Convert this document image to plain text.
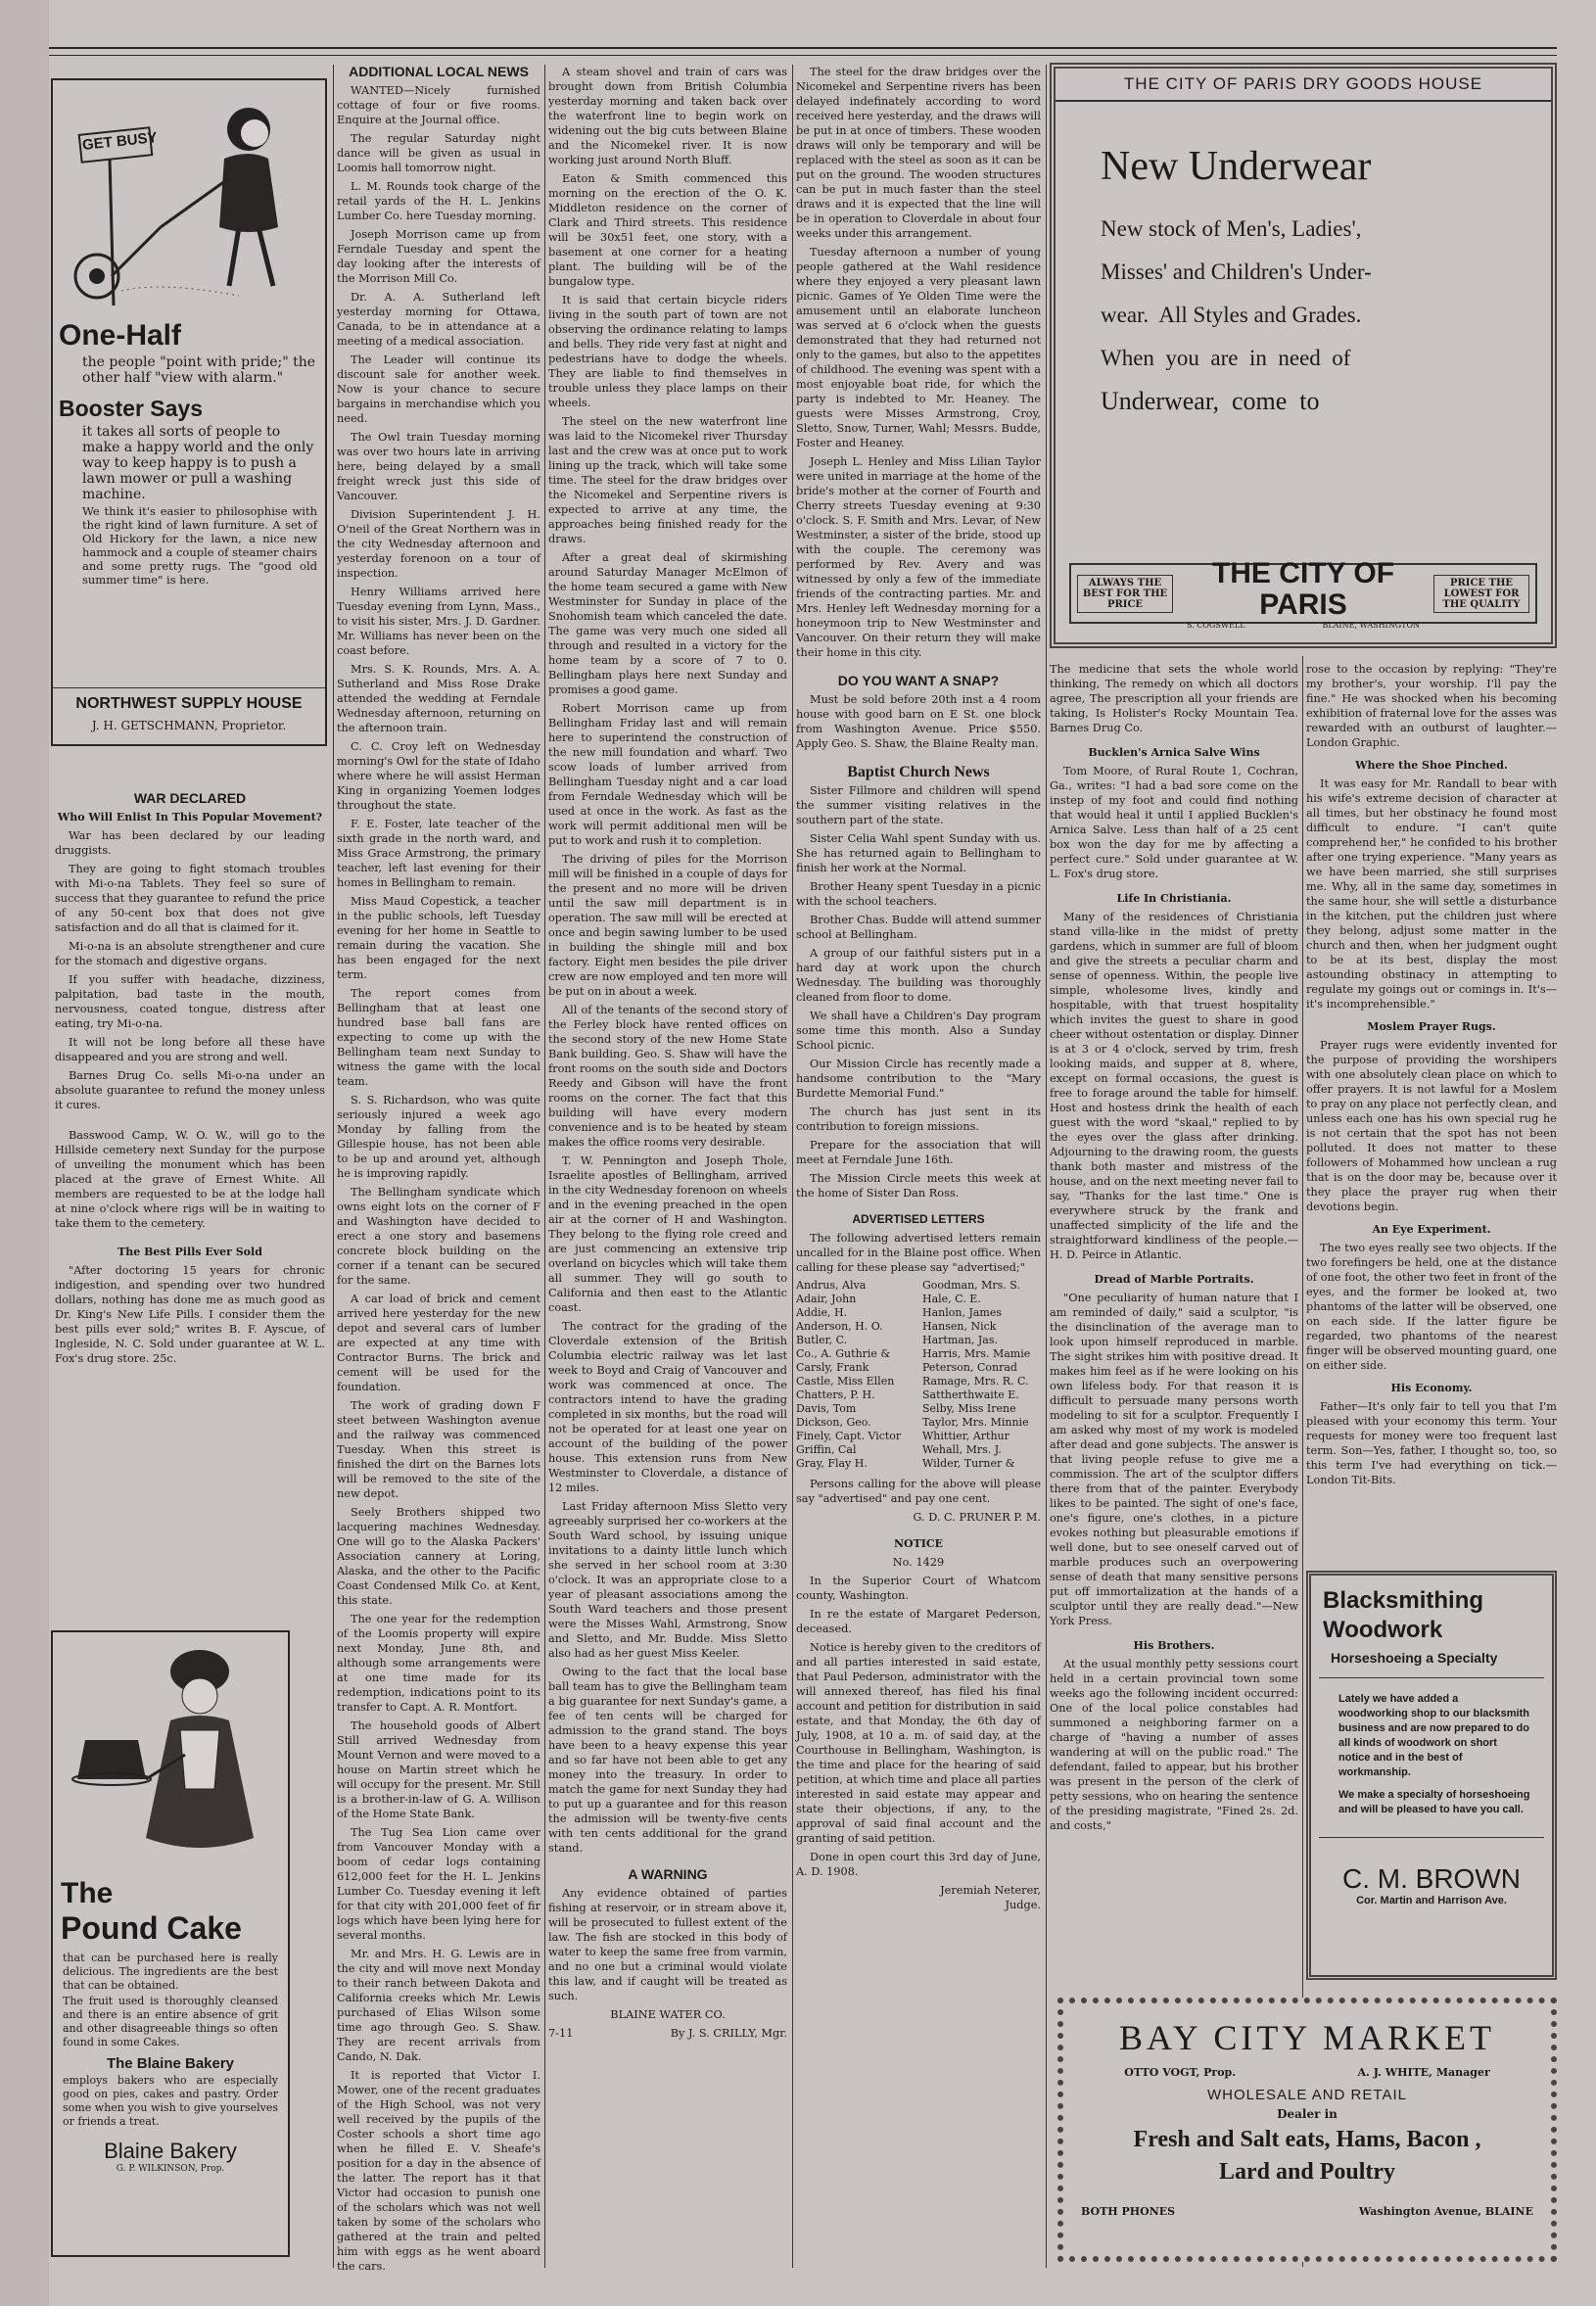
GET BUSY
One-Half
the people "point with pride;" the other half "view with alarm."
Booster Says
it takes all sorts of people to make a happy world and the only way to keep happy is to push a lawn mower or pull a washing machine.
We think it's easier to philosophise with the right kind of lawn furniture. A set of Old Hickory for the lawn, a nice new hammock and a couple of steamer chairs and some pretty rugs. The "good old summer time" is here.
NORTHWEST SUPPLY HOUSE
J. H. GETSCHMANN, Proprietor.

WAR DECLARED

Who Will Enlist In This Popular Movement?

War has been declared by our leading druggists.

They are going to fight stomach troubles with Mi-o-na Tablets. They feel so sure of success that they guarantee to refund the price of any 50-cent box that does not give satisfaction and do all that is claimed for it.

Mi-o-na is an absolute strengthener and cure for the stomach and digestive organs.

If you suffer with headache, dizziness, palpitation, bad taste in the mouth, nervousness, coated tongue, distress after eating, try Mi-o-na.

It will not be long before all these have disappeared and you are strong and well.

Barnes Drug Co. sells Mi-o-na under an absolute guarantee to refund the money unless it cures.

Basswood Camp, W. O. W., will go to the Hillside cemetery next Sunday for the purpose of unveiling the monument which has been placed at the grave of Ernest White. All members are requested to be at the lodge hall at nine o'clock where rigs will be in waiting to take them to the cemetery.

The Best Pills Ever Sold

"After doctoring 15 years for chronic indigestion, and spending over two hundred dollars, nothing has done me as much good as Dr. King's New Life Pills. I consider them the best pills ever sold;" writes B. F. Ayscue, of Ingleside, N. C. Sold under guarantee at W. L. Fox's drug store. 25c.

The
Pound Cake
that can be purchased here is really delicious. The ingredients are the best that can be obtained.
The fruit used is thoroughly cleansed and there is an entire absence of grit and other disagreeable things so often found in some Cakes.
The Blaine Bakery
employs bakers who are especially good on pies, cakes and pastry. Order some when you wish to give yourselves or friends a treat.
Blaine Bakery
G. P. WILKINSON, Prop.

ADDITIONAL LOCAL NEWS

WANTED—Nicely furnished cottage of four or five rooms. Enquire at the Journal office.

The regular Saturday night dance will be given as usual in Loomis hall tomorrow night.

L. M. Rounds took charge of the retail yards of the H. L. Jenkins Lumber Co. here Tuesday morning.

Joseph Morrison came up from Ferndale Tuesday and spent the day looking after the interests of the Morrison Mill Co.

Dr. A. A. Sutherland left yesterday morning for Ottawa, Canada, to be in attendance at a meeting of a medical association.

The Leader will continue its discount sale for another week. Now is your chance to secure bargains in merchandise which you need.

The Owl train Tuesday morning was over two hours late in arriving here, being delayed by a small freight wreck just this side of Vancouver.

Division Superintendent J. H. O'neil of the Great Northern was in the city Wednesday afternoon and yesterday forenoon on a tour of inspection.

Henry Williams arrived here Tuesday evening from Lynn, Mass., to visit his sister, Mrs. J. D. Gardner. Mr. Williams has never been on the coast before.

Mrs. S. K. Rounds, Mrs. A. A. Sutherland and Miss Rose Drake attended the wedding at Ferndale Wednesday afternoon, returning on the afternoon train.

C. C. Croy left on Wednesday morning's Owl for the state of Idaho where where he will assist Herman King in organizing Yoemen lodges throughout the state.

F. E. Foster, late teacher of the sixth grade in the north ward, and Miss Grace Armstrong, the primary teacher, left last evening for their homes in Bellingham to remain.

Miss Maud Copestick, a teacher in the public schools, left Tuesday evening for her home in Seattle to remain during the vacation. She has been engaged for the next term.

The report comes from Bellingham that at least one hundred base ball fans are expecting to come up with the Bellingham team next Sunday to witness the game with the local team.

S. S. Richardson, who was quite seriously injured a week ago Monday by falling from the Gillespie house, has not been able to be up and around yet, although he is improving rapidly.

The Bellingham syndicate which owns eight lots on the corner of F and Washington have decided to erect a one story and basemens concrete block building on the corner if a tenant can be secured for the same.

A car load of brick and cement arrived here yesterday for the new depot and several cars of lumber are expected at any time with Contractor Burns. The brick and cement will be used for the foundation.

The work of grading down F steet between Washington avenue and the railway was commenced Tuesday. When this street is finished the dirt on the Barnes lots will be removed to the site of the new depot.

Seely Brothers shipped two lacquering machines Wednesday. One will go to the Alaska Packers' Association cannery at Loring, Alaska, and the other to the Pacific Coast Condensed Milk Co. at Kent, this state.

The one year for the redemption of the Loomis property will expire next Monday, June 8th, and although some arrangements were at one time made for its redemption, indications point to its transfer to Capt. A. R. Montfort.

The household goods of Albert Still arrived Wednesday from Mount Vernon and were moved to a house on Martin street which he will occupy for the present. Mr. Still is a brother-in-law of G. A. Willison of the Home State Bank.

The Tug Sea Lion came over from Vancouver Monday with a boom of cedar logs containing 612,000 feet for the H. L. Jenkins Lumber Co. Tuesday evening it left for that city with 201,000 feet of fir logs which have been lying here for several months.

Mr. and Mrs. H. G. Lewis are in the city and will move next Monday to their ranch between Dakota and California creeks which Mr. Lewis purchased of Elias Wilson some time ago through Geo. S. Shaw. They are recent arrivals from Cando, N. Dak.

It is reported that Victor I. Mower, one of the recent graduates of the High School, was not very well received by the pupils of the Coster schools a short time ago when he filled E. V. Sheafe's position for a day in the absence of the latter. The report has it that Victor had occasion to punish one of the scholars which was not well taken by some of the scholars who gathered at the train and pelted him with eggs as he went aboard the cars.

A steam shovel and train of cars was brought down from British Columbia yesterday morning and taken back over the waterfront line to begin work on widening out the big cuts between Blaine and the Nicomekel river. It is now working just around North Bluff.

Eaton & Smith commenced this morning on the erection of the O. K. Middleton residence on the corner of Clark and Third streets. This residence will be 30x51 feet, one story, with a basement at one corner for a heating plant. The building will be of the bungalow type.

It is said that certain bicycle riders living in the south part of town are not observing the ordinance relating to lamps and bells. They ride very fast at night and pedestrians have to dodge the wheels. They are liable to find themselves in trouble unless they place lamps on their wheels.

The steel on the new waterfront line was laid to the Nicomekel river Thursday last and the crew was at once put to work lining up the track, which will take some time. The steel for the draw bridges over the Nicomekel and Serpentine rivers is expected to arrive at any time, the approaches being finished ready for the draws.

After a great deal of skirmishing around Saturday Manager McElmon of the home team secured a game with New Westminster for Sunday in place of the Snohomish team which canceled the date. The game was very much one sided all through and resulted in a victory for the home team by a score of 7 to 0. Bellingham plays here next Sunday and promises a good game.

Robert Morrison came up from Bellingham Friday last and will remain here to superintend the construction of the new mill foundation and wharf. Two scow loads of lumber arrived from Bellingham Tuesday night and a car load from Ferndale Wednesday which will be used at once in the work. As fast as the work will permit additional men will be put to work and rush it to completion.

The driving of piles for the Morrison mill will be finished in a couple of days for the present and no more will be driven until the saw mill department is in operation. The saw mill will be erected at once and begin sawing lumber to be used in building the shingle mill and box factory. Eight men besides the pile driver crew are now employed and ten more will be put on in about a week.

All of the tenants of the second story of the Ferley block have rented offices on the second story of the new Home State Bank building. Geo. S. Shaw will have the front rooms on the south side and Doctors Reedy and Gibson will have the front rooms on the corner. The fact that this building will have every modern convenience and is to be heated by steam makes the office rooms very desirable.

T. W. Pennington and Joseph Thole, Israelite apostles of Bellingham, arrived in the city Wednesday forenoon on wheels and in the evening preached in the open air at the corner of H and Washington. They belong to the flying role creed and are just commencing an extensive trip overland on bicycles which will take them all summer. They will go south to California and then east to the Atlantic coast.

The contract for the grading of the Cloverdale extension of the British Columbia electric railway was let last week to Boyd and Craig of Vancouver and work was commenced at once. The contractors intend to have the grading completed in six months, but the road will not be operated for at least one year on account of the building of the power house. This extension runs from New Westminster to Cloverdale, a distance of 12 miles.

Last Friday afternoon Miss Sletto very agreeably surprised her co-workers at the South Ward school, by issuing unique invitations to a dainty little lunch which she served in her school room at 3:30 o'clock. It was an appropriate close to a year of pleasant associations among the South Ward teachers and those present were the Misses Wahl, Armstrong, Snow and Sletto, and Mr. Budde. Miss Sletto also had as her guest Miss Keeler.

Owing to the fact that the local base ball team has to give the Bellingham team a big guarantee for next Sunday's game, a fee of ten cents will be charged for admission to the grand stand. The boys have been to a heavy expense this year and so far have not been able to get any money into the treasury. In order to match the game for next Sunday they had to put up a guarantee and for this reason the admission will be twenty-five cents with ten cents additional for the grand stand.

A WARNING

Any evidence obtained of parties fishing at reservoir, or in stream above it, will be prosecuted to fullest extent of the law. The fish are stocked in this body of water to keep the same free from varmin, and no one but a criminal would violate this law, and if caught will be treated as such.

BLAINE WATER CO.

7-11	By J. S. CRILLY, Mgr.

The steel for the draw bridges over the Nicomekel and Serpentine rivers has been delayed indefinately according to word received here yesterday, and the draws will be put in at once of timbers. These wooden draws will only be temporary and will be replaced with the steel as soon as it can be put on the ground. The wooden structures can be put in much faster than the steel draws and it is expected that the line will be in operation to Cloverdale in about four weeks under this arrangement.

Tuesday afternoon a number of young people gathered at the Wahl residence where they enjoyed a very pleasant lawn picnic. Games of Ye Olden Time were the amusement until an elaborate luncheon was served at 6 o'clock when the guests demonstrated that they had returned not only to the games, but also to the appetites of childhood. The evening was spent with a most enjoyable boat ride, for which the party is indebted to Mr. Heaney. The guests were Misses Armstrong, Croy, Sletto, Snow, Turner, Wahl; Messrs. Budde, Foster and Heaney.

Joseph L. Henley and Miss Lilian Taylor were united in marriage at the home of the bride's mother at the corner of Fourth and Cherry streets Tuesday evening at 9:30 o'clock. S. F. Smith and Mrs. Levar, of New Westminster, a sister of the bride, stood up with the couple. The ceremony was performed by Rev. Avery and was witnessed by only a few of the immediate friends of the contracting parties. Mr. and Mrs. Henley left Wednesday morning for a honeymoon trip to New Westminster and Vancouver. On their return they will make their home in this city.

DO YOU WANT A SNAP?

Must be sold before 20th inst a 4 room house with good barn on E St. one block from Washington Avenue. Price $550. Apply Geo. S. Shaw, the Blaine Realty man.

Baptist Church News

Sister Fillmore and children will spend the summer visiting relatives in the southern part of the state.

Sister Celia Wahl spent Sunday with us. She has returned again to Bellingham to finish her work at the Normal.

Brother Heany spent Tuesday in a picnic with the school teachers.

Brother Chas. Budde will attend summer school at Bellingham.

A group of our faithful sisters put in a hard day at work upon the church Wednesday. The building was thoroughly cleaned from floor to dome.

We shall have a Children's Day program some time this month. Also a Sunday School picnic.

Our Mission Circle has recently made a handsome contribution to the "Mary Burdette Memorial Fund."

The church has just sent in its contribution to foreign missions.

Prepare for the association that will meet at Ferndale June 16th.

The Mission Circle meets this week at the home of Sister Dan Ross.

ADVERTISED LETTERS

The following advertised letters remain uncalled for in the Blaine post office. When calling for these please say "advertised;"

Andrus, Alva	Goodman, Mrs. S.
Adair, John	Hale, C. E.
Addie, H.	Hanlon, James
Anderson, H. O.	Hansen, Nick
Butler, C.	Hartman, Jas.
Co., A. Guthrie &	Harris, Mrs. Mamie
Carsly, Frank	Peterson, Conrad
Castle, Miss Ellen	Ramage, Mrs. R. C.
Chatters, P. H.	Sattherthwaite E.
Davis, Tom	Selby, Miss Irene
Dickson, Geo.	Taylor, Mrs. Minnie
Finely, Capt. Victor	Whittier, Arthur
Griffin, Cal	Wehall, Mrs. J.
Gray, Flay H.	Wilder, Turner &

Persons calling for the above will please say "advertised" and pay one cent.

G. D. C. PRUNER P. M.

NOTICE

No. 1429

In the Superior Court of Whatcom county, Washington.

In re the estate of Margaret Pederson, deceased.

Notice is hereby given to the creditors of and all parties interested in said estate, that Paul Pederson, administrator with the will annexed thereof, has filed his final account and petition for distribution in said estate, and that Monday, the 6th day of July, 1908, at 10 a. m. of said day, at the Courthouse in Bellingham, Washington, is the time and place for the hearing of said petition, at which time and place all parties interested in said estate may appear and state their objections, if any, to the approval of said final account and the granting of said petition.

Done in open court this 3rd day of June, A. D. 1908.

Jeremiah Neterer,

Judge.

THE CITY OF PARIS DRY GOODS HOUSE
New Underwear
New stock of Men's, Ladies',
Misses' and Children's Under-
wear.  All Styles and Grades.
When  you  are  in  need  of
Underwear,  come  to
ALWAYS THE BEST FOR THE PRICE
THE CITY OF PARIS
S. COGSWELL	BLAINE, WASHINGTON
PRICE THE LOWEST FOR THE QUALITY

The medicine that sets the whole world thinking, The remedy on which all doctors agree, The prescription all your friends are taking, Is Holister's Rocky Mountain Tea. Barnes Drug Co.

Bucklen's Arnica Salve Wins

Tom Moore, of Rural Route 1, Cochran, Ga., writes: "I had a bad sore come on the instep of my foot and could find nothing that would heal it until I applied Bucklen's Arnica Salve. Less than half of a 25 cent box won the day for me by affecting a perfect cure." Sold under guarantee at W. L. Fox's drug store.

Life In Christiania.

Many of the residences of Christiania stand villa-like in the midst of pretty gardens, which in summer are full of bloom and give the streets a peculiar charm and sense of openness. Within, the people live simple, wholesome lives, kindly and hospitable, with that truest hospitality which invites the guest to share in good cheer without ostentation or display. Dinner is at 3 or 4 o'clock, served by trim, fresh looking maids, and supper at 8, where, except on formal occasions, the guest is free to forage around the table for himself. Host and hostess drink the health of each guest with the word "skaal," replied to by the eyes over the glass after drinking. Adjourning to the drawing room, the guests thank both master and mistress of the house, and on the next meeting never fail to say, "Thanks for the last time." One is everywhere struck by the frank and unaffected simplicity of the life and the straightforward kindliness of the people.—H. D. Peirce in Atlantic.

Dread of Marble Portraits.

"One peculiarity of human nature that I am reminded of daily," said a sculptor, "is the disinclination of the average man to look upon himself reproduced in marble. The sight strikes him with positive dread. It makes him feel as if he were looking on his own lifeless body. For that reason it is difficult to persuade many persons worth modeling to sit for a sculptor. Frequently I am asked why most of my work is modeled after dead and gone subjects. The answer is that living people refuse to give me a commission. The art of the sculptor differs there from that of the painter. Everybody likes to be painted. The sight of one's face, one's figure, one's clothes, in a picture evokes nothing but pleasurable emotions if well done, but to see oneself carved out of marble produces such an overpowering sense of death that many sensitive persons put off immortalization at the hands of a sculptor until they are really dead."—New York Press.

His Brothers.

At the usual monthly petty sessions court held in a certain provincial town some weeks ago the following incident occurred: One of the local police constables had summoned a neighboring farmer on a charge of "having a number of asses wandering at will on the public road." The defendant, failed to appear, but his brother was present in the person of the clerk of petty sessions, who on hearing the sentence of the presiding magistrate, "Fined 2s. 2d. and costs,"

rose to the occasion by replying: "They're my brother's, your worship. I'll pay the fine." He was shocked when his becoming exhibition of fraternal love for the asses was rewarded with an outburst of laughter.—London Graphic.

Where the Shoe Pinched.

It was easy for Mr. Randall to bear with his wife's extreme decision of character at all times, but her obstinacy he found most difficult to endure. "I can't quite comprehend her," he confided to his brother after one trying experience. "Many years as we have been married, she still surprises me. Why, all in the same day, sometimes in the same hour, she will settle a disturbance in the kitchen, put the children just where they belong, adjust some matter in the church and then, when her judgment ought to be at its best, display the most astounding obstinacy in attempting to regulate my goings out or comings in. It's—it's incomprehensible."

Moslem Prayer Rugs.

Prayer rugs were evidently invented for the purpose of providing the worshipers with one absolutely clean place on which to offer prayers. It is not lawful for a Moslem to pray on any place not perfectly clean, and unless each one has his own special rug he is not certain that the spot has not been polluted. It does not matter to these followers of Mohammed how unclean a rug that is on the door may be, because over it they place the prayer rug when their devotions begin.

An Eye Experiment.

The two eyes really see two objects. If the two forefingers be held, one at the distance of one foot, the other two feet in front of the eyes, and the former be looked at, two phantoms of the latter will be observed, one on each side. If the latter figure be regarded, two phantoms of the nearest finger will be observed mounting guard, one on either side.

His Economy.

Father—It's only fair to tell you that I'm pleased with your economy this term. Your requests for money were too frequent last term. Son—Yes, father, I thought so, too, so this term I've had everything on tick.—London Tit-Bits.

Blacksmithing
Woodwork
Horseshoeing a Specialty
Lately we have added a woodworking shop to our blacksmith business and are now prepared to do all kinds of woodwork on short notice and in the best of workmanship.
We make a specialty of horseshoeing and will be pleased to have you call.
C. M. BROWN
Cor. Martin and Harrison Ave.
BAY CITY MARKET
OTTO VOGT, Prop.	A. J. WHITE, Manager
WHOLESALE AND RETAIL
Dealer in
Fresh and Salt eats, Hams, Bacon ,
Lard and Poultry
BOTH PHONES	Washington Avenue, BLAINE
